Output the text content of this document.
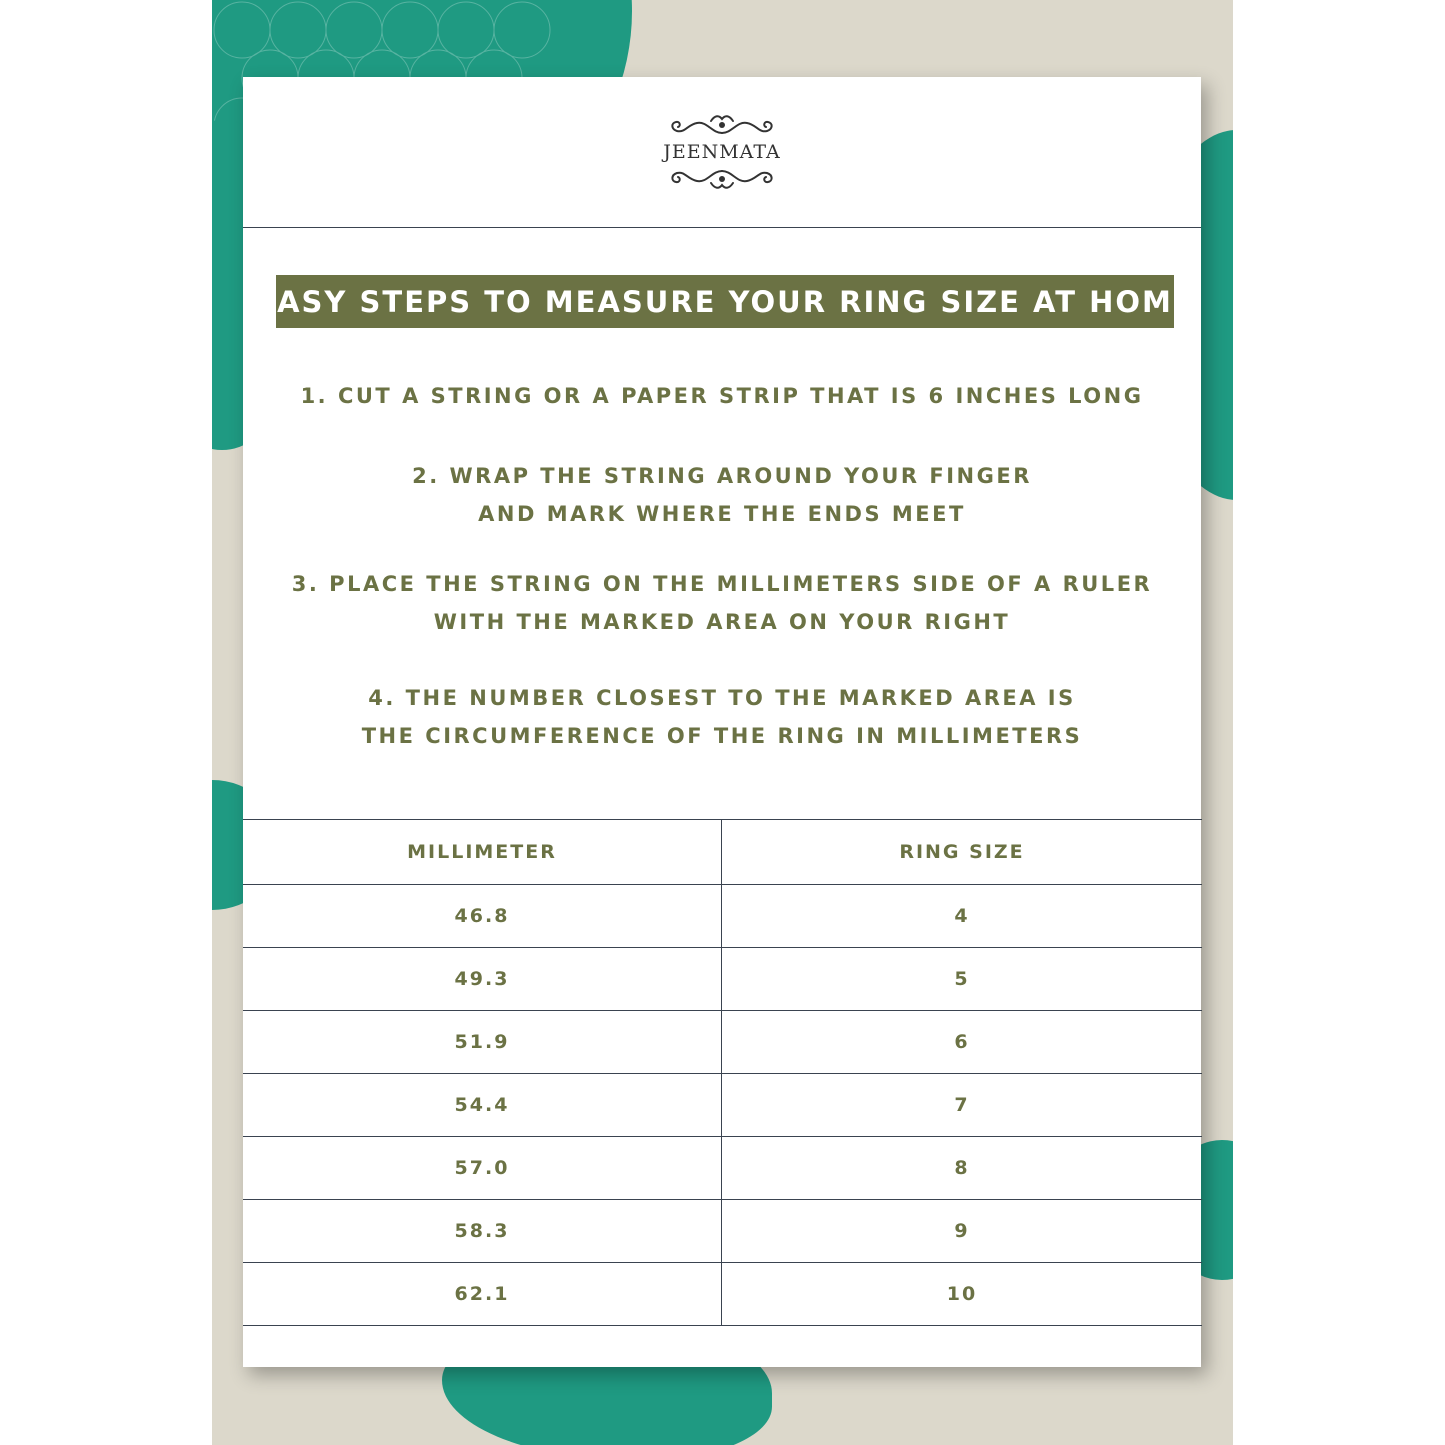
JEENMATA
EASY STEPS TO MEASURE YOUR RING SIZE AT HOME
1. CUT A STRING OR A PAPER STRIP THAT IS 6 INCHES LONG
2. WRAP THE STRING AROUND YOUR FINGER
AND MARK WHERE THE ENDS MEET
3. PLACE THE STRING ON THE MILLIMETERS SIDE OF A RULER
WITH THE MARKED AREA ON YOUR RIGHT
4. THE NUMBER CLOSEST TO THE MARKED AREA IS
THE CIRCUMFERENCE OF THE RING IN MILLIMETERS
MILLIMETER	RING SIZE
46.8	4
49.3	5
51.9	6
54.4	7
57.0	8
58.3	9
62.1	10
